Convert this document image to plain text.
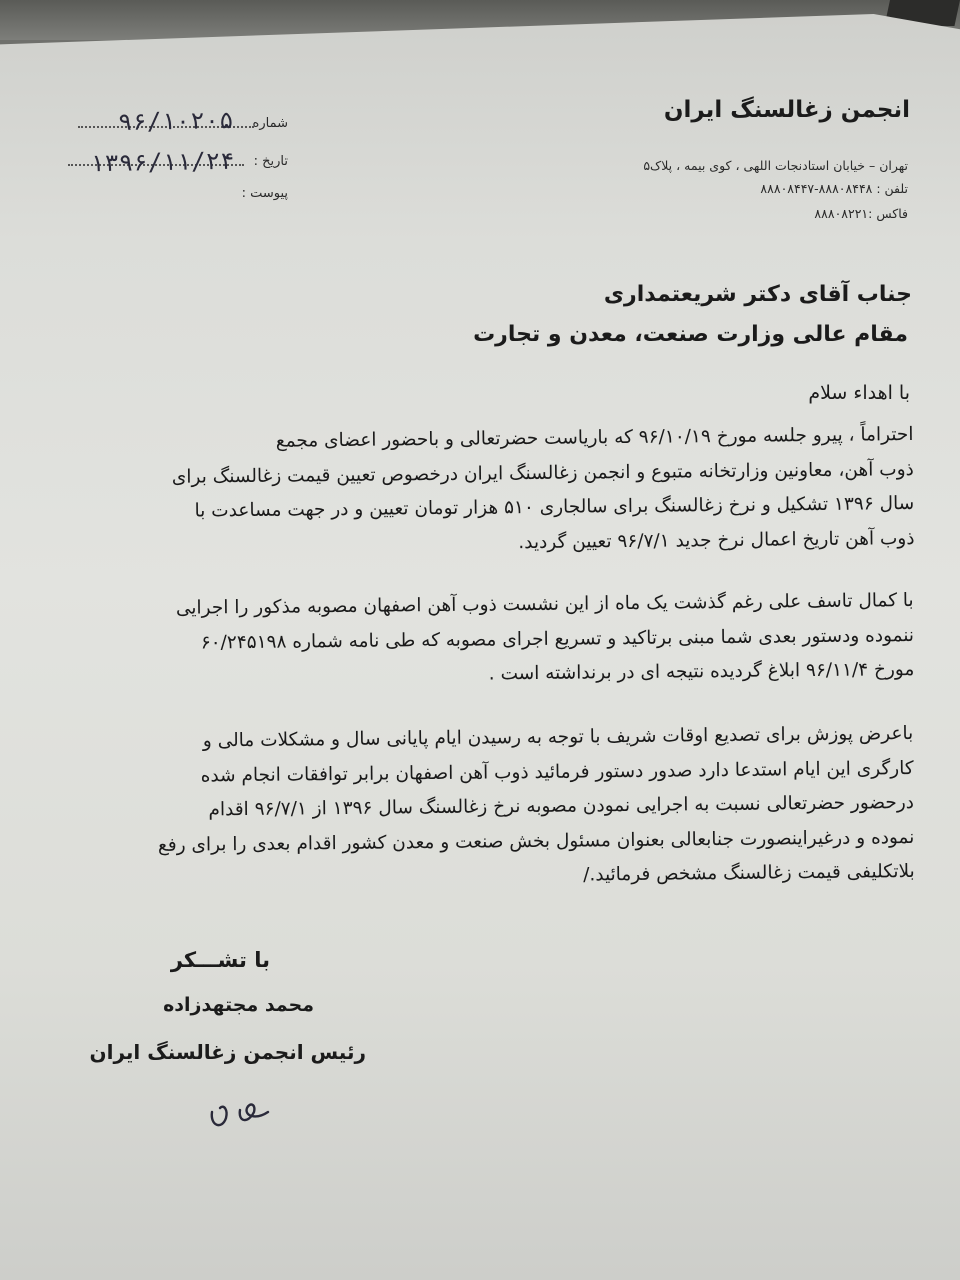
انجمن زغالسنگ ایران
تهران – خیابان استادنجات اللهی ، کوی بیمه ، پلاک۵
تلفن : ۸۸۸۰۸۴۴۸-۸۸۸۰۸۴۴۷
فاکس :۸۸۸۰۸۲۲۱
شماره
۹۶/۱۰۲۰۵
تاریخ :
۱۳۹۶/۱۱/۲۴
پیوست :
جناب آقای دکتر شریعتمداری
مقام عالی وزارت صنعت، معدن و تجارت
با اهداء سلام
احتراماً ، پیرو جلسه مورخ ۹۶/۱۰/۱۹ که باریاست حضرتعالی و باحضور اعضای مجمع
ذوب آهن، معاونین وزارتخانه متبوع و انجمن زغالسنگ ایران درخصوص تعیین قیمت زغالسنگ برای
سال ۱۳۹۶ تشکیل و نرخ زغالسنگ برای سالجاری ۵۱۰ هزار تومان تعیین و در جهت مساعدت با
ذوب آهن تاریخ اعمال نرخ جدید ۹۶/۷/۱ تعیین گردید.
با کمال تاسف علی رغم گذشت یک ماه از این نشست ذوب آهن اصفهان مصوبه مذکور را اجرایی
ننموده ودستور بعدی شما مبنی برتاکید و تسریع اجرای مصوبه که طی نامه شماره ۶۰/۲۴۵۱۹۸
مورخ ۹۶/۱۱/۴ ابلاغ گردیده نتیجه ای در برنداشته است .
باعرض پوزش برای تصدیع اوقات شریف با توجه به رسیدن ایام پایانی سال و مشکلات مالی و
کارگری این ایام استدعا دارد صدور دستور فرمائید ذوب آهن اصفهان برابر توافقات انجام شده
درحضور حضرتعالی نسبت به اجرایی نمودن مصوبه نرخ زغالسنگ سال ۱۳۹۶ از ۹۶/۷/۱ اقدام
نموده و درغیراینصورت جنابعالی بعنوان مسئول بخش صنعت و معدن کشور اقدام بعدی را برای رفع
بلاتکلیفی قیمت زغالسنگ مشخص فرمائید./
با تشـــکر
محمد مجتهدزاده
رئیس انجمن زغالسنگ ایران
